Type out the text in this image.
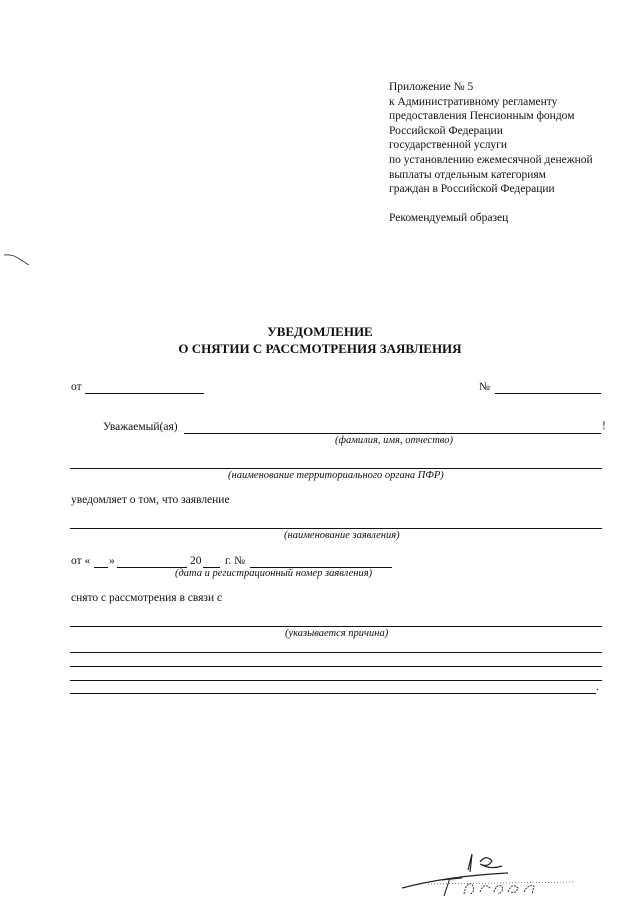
Приложение № 5
к Административному регламенту
предоставления Пенсионным фондом
Российской Федерации
государственной услуги
по установлению ежемесячной денежной
выплаты отдельным категориям
граждан в Российской Федерации
Рекомендуемый образец
УВЕДОМЛЕНИЕ
О СНЯТИИ С РАССМОТРЕНИЯ ЗАЯВЛЕНИЯ
от	№
Уважаемый(ая)	!
(фамилия, имя, отчество)
(наименование территориального органа ПФР)
уведомляет о том, что заявление
(наименование заявления)
от « »	20 г. №
(дата и регистрационный номер заявления)
снято с рассмотрения в связи с
(указывается причина)
.
